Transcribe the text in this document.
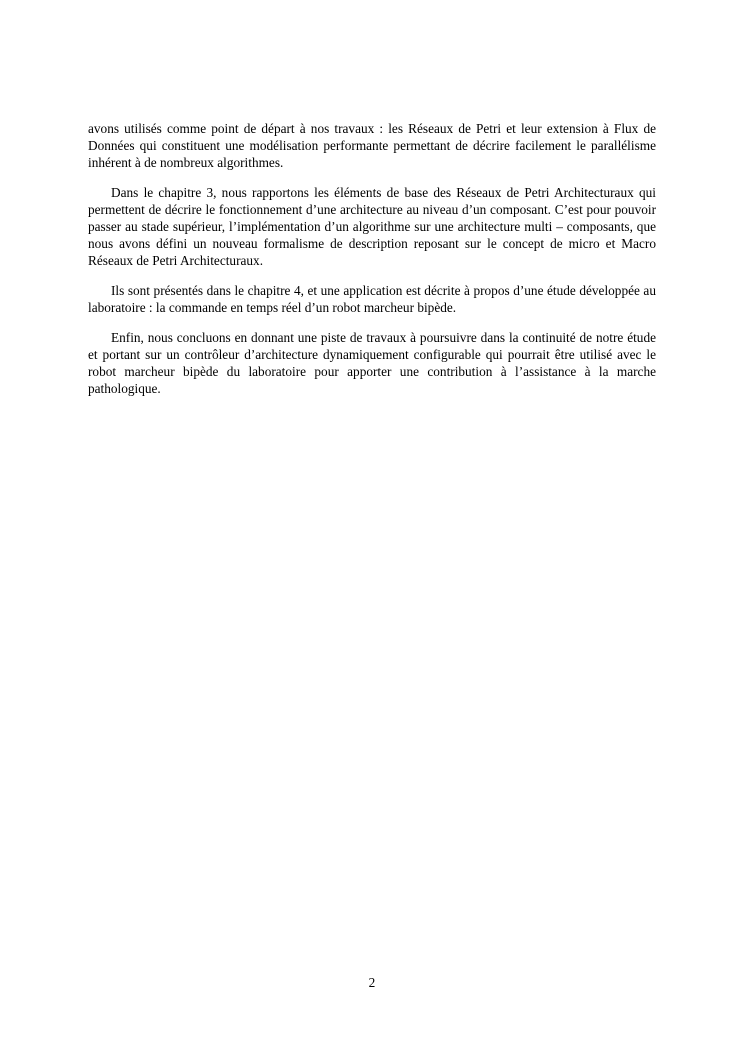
avons utilisés comme point de départ à nos travaux : les Réseaux de Petri et leur extension à Flux de Données qui constituent une modélisation performante permettant de décrire facilement le parallélisme inhérent à de nombreux algorithmes.

Dans le chapitre 3, nous rapportons les éléments de base des Réseaux de Petri Architecturaux qui permettent de décrire le fonctionnement d’une architecture au niveau d’un composant. C’est pour pouvoir passer au stade supérieur, l’implémentation d’un algorithme sur une architecture multi – composants, que nous avons défini un nouveau formalisme de description reposant sur le concept de micro et Macro Réseaux de Petri Architecturaux.

Ils sont présentés dans le chapitre 4, et une application est décrite à propos d’une étude développée au laboratoire : la commande en temps réel d’un robot marcheur bipède.

Enfin, nous concluons en donnant une piste de travaux à poursuivre dans la continuité de notre étude et portant sur un contrôleur d’architecture dynamiquement configurable qui pourrait être utilisé avec le robot marcheur bipède du laboratoire pour apporter une contribution à l’assistance à la marche pathologique.

2
